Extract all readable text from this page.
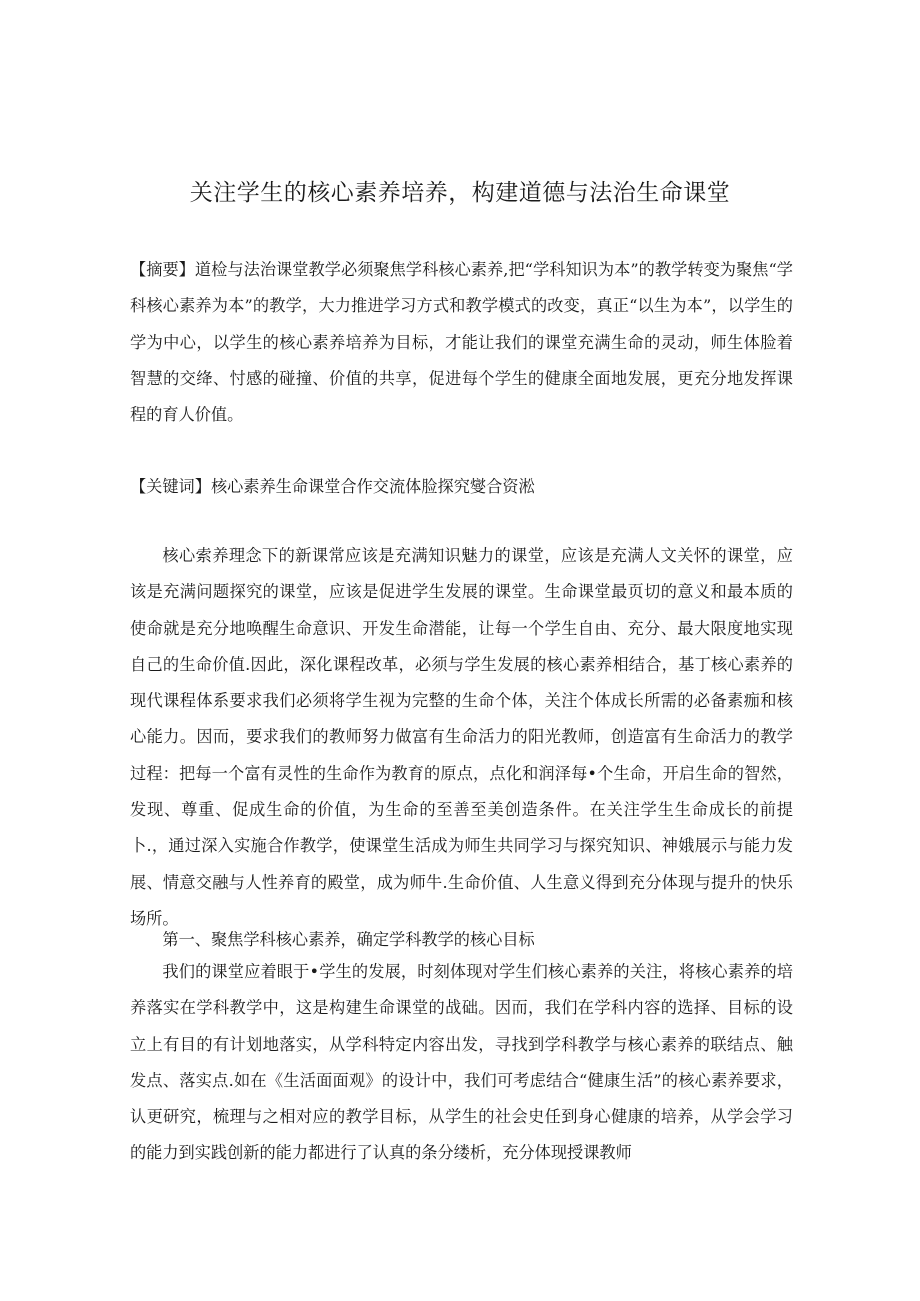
关注学生的核心素养培养，构建道德与法治生命课堂

【摘要】道检与法治课堂教学必须聚焦学科核心素养,把“学科知识为本”的教学转变为聚焦“学科核心素养为本”的教学，大力推进学习方式和教学模式的改变，真正“以生为本”，以学生的学为中心，以学生的核心素养培养为目标，才能让我们的课堂充满生命的灵动，师生体脸着智慧的交绛、忖感的碰撞、价值的共享，促进每个学生的健康全面地发展，更充分地发挥课程的育人价值。

【关键词】核心素养生命课堂合作交流体脸探究燮合资淞

核心索养理念下的新课常应该是充满知识魅力的课堂，应该是充满人文关怀的课堂，应该是充满问题探究的课堂，应该是促进学生发展的课堂。生命课堂最页切的意义和最本质的使命就是充分地唤醒生命意识、开发生命潜能，让每一个学生自由、充分、最大限度地实现自己的生命价值.因此，深化课程改革，必须与学生发展的核心素养相结合，基丁核心素养的现代课程体系要求我们必须将学生视为完整的生命个体，关注个体成长所需的必备素痂和核心能力。因而，要求我们的教师努力做富有生命活力的阳光教师，创造富有生命活力的教学过程：把每一个富有灵性的生命作为教育的原点，点化和润泽每•个生命，开启生命的智然，发现、尊重、促成生命的价值，为生命的至善至美创造条件。在关注学生生命成长的前提卜.，通过深入实施合作教学，使课堂生活成为师生共同学习与探究知识、神娥展示与能力发展、情意交融与人性养育的殿堂，成为师牛.生命价值、人生意义得到充分体现与提升的快乐场所。

第一、聚焦学科核心素养，确定学科教学的核心目标

我们的课堂应着眼于•学生的发展，时刻体现对学生们核心素养的关注，将核心素养的培养落实在学科教学中，这是构建生命课堂的战础。因而，我们在学科内容的选择、目标的设立上有目的有计划地落实，从学科特定内容出发，寻找到学科教学与核心素养的联结点、触发点、落实点.如在《生活面面观》的设计中，我们可考虑结合“健康生活”的核心素养要求，认更研究，梳理与之相对应的教学目标，从学生的社会史任到身心健康的培养，从学会学习的能力到实践创新的能力都进行了认真的条分缕析，充分体现授课教师
